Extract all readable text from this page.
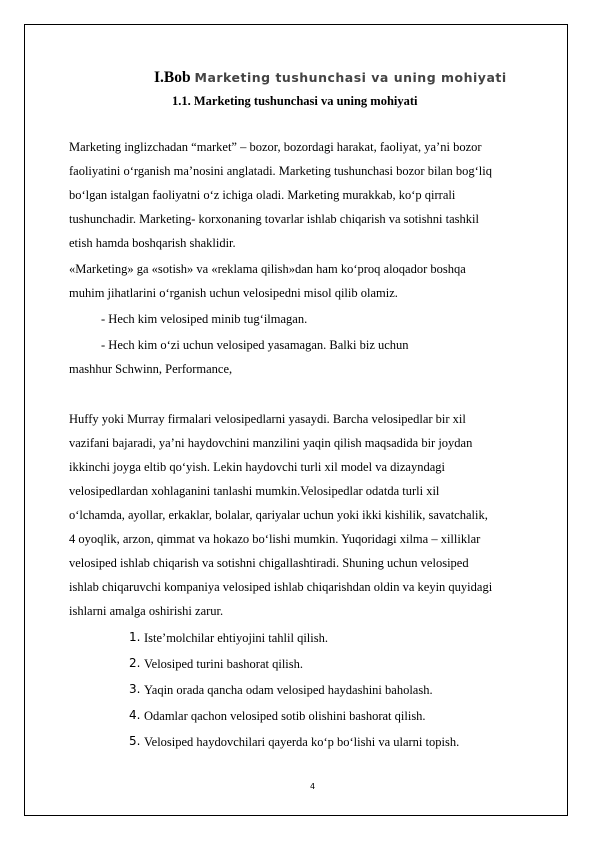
I.Bob Marketing tushunchasi va uning mohiyati
1.1. Marketing tushunchasi va uning mohiyati
Marketing inglizchadan “market” – bozor, bozordagi harakat, faoliyat, ya’ni bozor
faoliyatini o‘rganish ma’nosini anglatadi. Marketing tushunchasi bozor bilan bog‘liq
bo‘lgan istalgan faoliyatni o‘z ichiga oladi. Marketing murakkab, ko‘p qirrali
tushunchadir. Marketing- korxonaning tovarlar ishlab chiqarish va sotishni tashkil
etish hamda boshqarish shaklidir.
«Marketing» ga «sotish» va «reklama qilish»dan ham ko‘proq aloqador boshqa
muhim jihatlarini o‘rganish uchun velosipedni misol qilib olamiz.
- Hech kim velosiped minib tug‘ilmagan.
- Hech kim o‘zi uchun velosiped yasamagan. Balki biz uchun
mashhur Schwinn, Performance,
Huffy yoki Murray firmalari velosipedlarni yasaydi. Barcha velosipedlar bir xil
vazifani bajaradi, ya’ni haydovchini manzilini yaqin qilish maqsadida bir joydan
ikkinchi joyga eltib qo‘yish. Lekin haydovchi turli xil model va dizayndagi
velosipedlardan xohlaganini tanlashi mumkin.Velosipedlar odatda turli xil
o‘lchamda, ayollar, erkaklar, bolalar, qariyalar uchun yoki ikki kishilik, savatchalik,
4 oyoqlik, arzon, qimmat va hokazo bo‘lishi mumkin. Yuqoridagi xilma – xilliklar
velosiped ishlab chiqarish va sotishni chigallashtiradi. Shuning uchun velosiped
ishlab chiqaruvchi kompaniya velosiped ishlab chiqarishdan oldin va keyin quyidagi
ishlarni amalga oshirishi zarur.
1. Iste’molchilar ehtiyojini tahlil qilish.
2. Velosiped turini bashorat qilish.
3. Yaqin orada qancha odam velosiped haydashini baholash.
4. Odamlar qachon velosiped sotib olishini bashorat qilish.
5. Velosiped haydovchilari qayerda ko‘p bo‘lishi va ularni topish.
4
